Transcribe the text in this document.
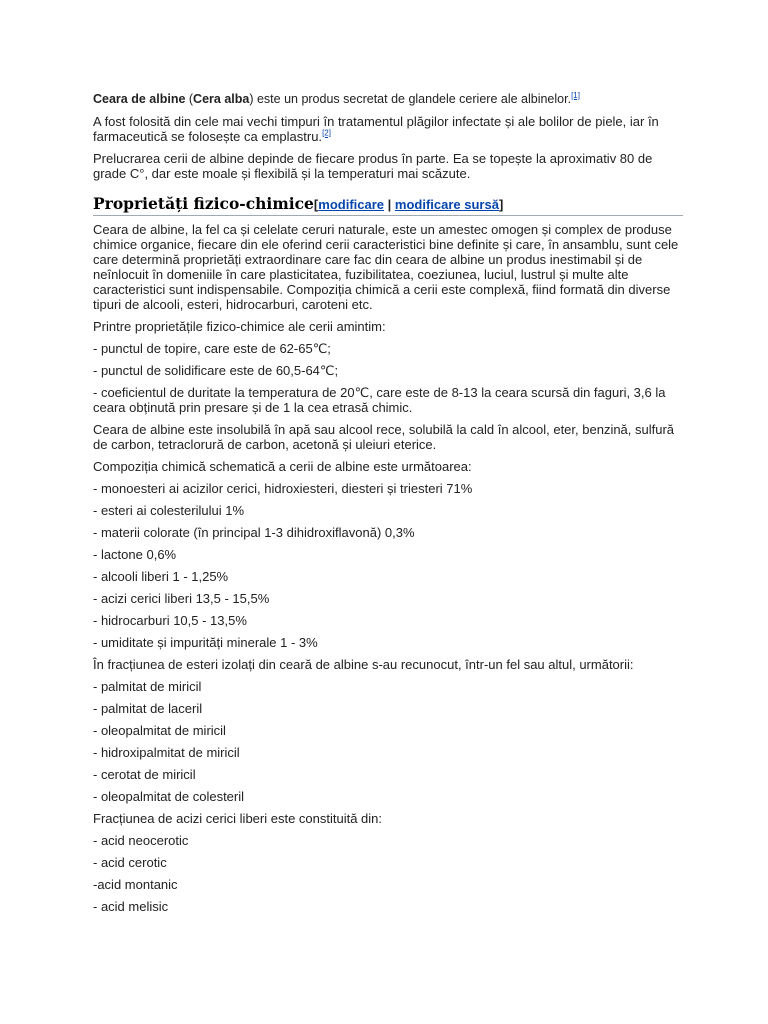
Ceara de albine (Cera alba) este un produs secretat de glandele ceriere ale albinelor.[1]

A fost folosită din cele mai vechi timpuri în tratamentul plăgilor infectate și ale bolilor de piele, iar în farmaceutică se folosește ca emplastru.[2]

Prelucrarea cerii de albine depinde de fiecare produs în parte. Ea se topește la aproximativ 80 de grade C°, dar este moale și flexibilă și la temperaturi mai scăzute.

Proprietăți fizico-chimice[modificare | modificare sursă]

Ceara de albine, la fel ca și celelate ceruri naturale, este un amestec omogen și complex de produse chimice organice, fiecare din ele oferind cerii caracteristici bine definite și care, în ansamblu, sunt cele care determină proprietăți extraordinare care fac din ceara de albine un produs inestimabil și de neînlocuit în domeniile în care plasticitatea, fuzibilitatea, coeziunea, luciul, lustrul și multe alte caracteristici sunt indispensabile. Compoziția chimică a cerii este complexă, fiind formată din diverse tipuri de alcooli, esteri, hidrocarburi, caroteni etc.

Printre proprietățile fizico-chimice ale cerii amintim:

- punctul de topire, care este de 62-65℃;

- punctul de solidificare este de 60,5-64℃;

- coeficientul de duritate la temperatura de 20℃, care este de 8-13 la ceara scursă din faguri, 3,6 la ceara obținută prin presare și de 1 la cea etrasă chimic.

Ceara de albine este insolubilă în apă sau alcool rece, solubilă la cald în alcool, eter, benzină, sulfură de carbon, tetraclorură de carbon, acetonă și uleiuri eterice.

Compoziția chimică schematică a cerii de albine este următoarea:

- monoesteri ai acizilor cerici, hidroxiesteri, diesteri și triesteri 71%

- esteri ai colesterilului 1%

- materii colorate (în principal 1-3 dihidroxiflavonă) 0,3%

- lactone 0,6%

- alcooli liberi 1 - 1,25%

- acizi cerici liberi 13,5 - 15,5%

- hidrocarburi 10,5 - 13,5%

- umiditate și impurități minerale 1 - 3%

În fracțiunea de esteri izolați din ceară de albine s-au recunocut, într-un fel sau altul, următorii:

- palmitat de miricil

- palmitat de laceril

- oleopalmitat de miricil

- hidroxipalmitat de miricil

- cerotat de miricil

- oleopalmitat de colesteril

Fracțiunea de acizi cerici liberi este constituită din:

- acid neocerotic

- acid cerotic

-acid montanic

- acid melisic
